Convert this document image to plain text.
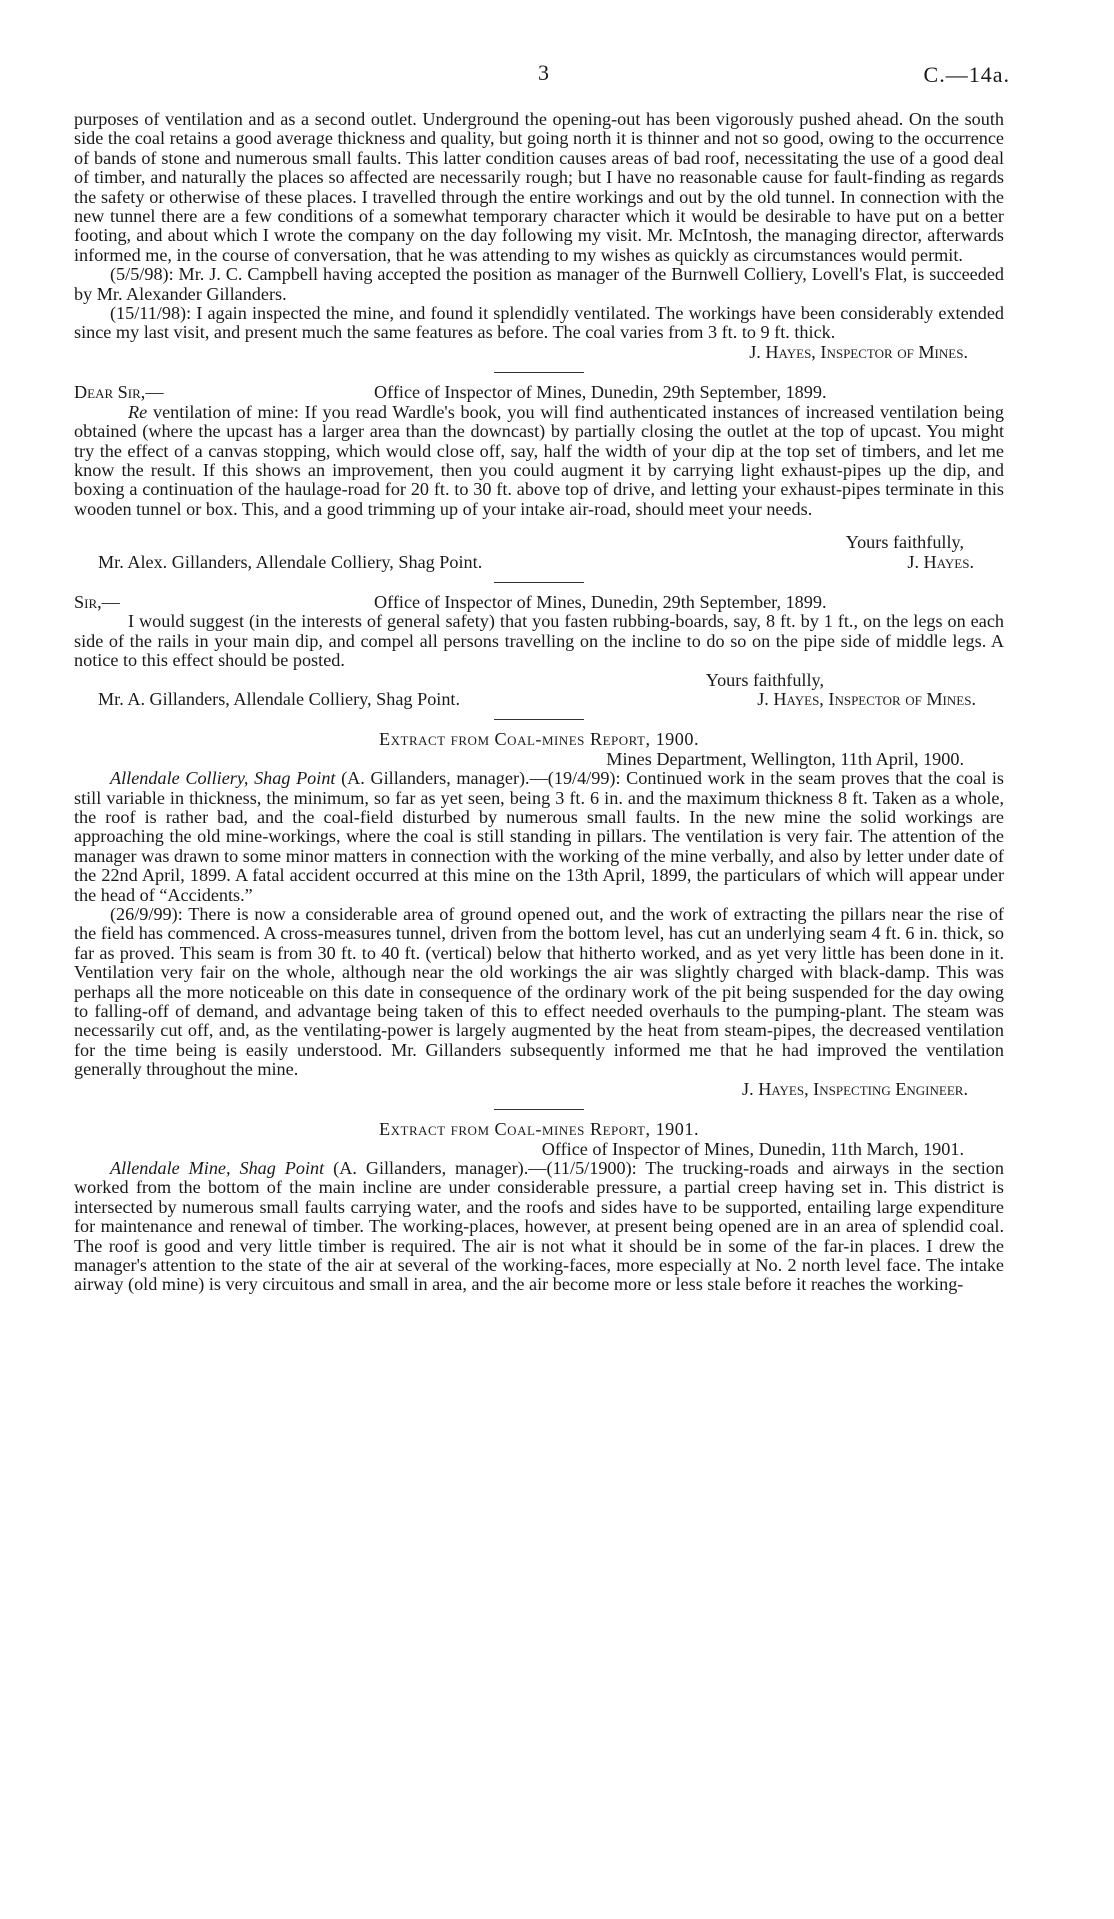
3	C.—14a.

purposes of ventilation and as a second outlet. Underground the opening-out has been vigorously pushed ahead. On the south side the coal retains a good average thickness and quality, but going north it is thinner and not so good, owing to the occurrence of bands of stone and numerous small faults. This latter condition causes areas of bad roof, necessitating the use of a good deal of timber, and naturally the places so affected are necessarily rough; but I have no reasonable cause for fault-finding as regards the safety or otherwise of these places. I travelled through the entire workings and out by the old tunnel. In connection with the new tunnel there are a few conditions of a somewhat temporary character which it would be desirable to have put on a better footing, and about which I wrote the company on the day following my visit. Mr. McIntosh, the managing director, afterwards informed me, in the course of conversation, that he was attending to my wishes as quickly as circumstances would permit.

(5/5/98): Mr. J. C. Campbell having accepted the position as manager of the Burnwell Colliery, Lovell's Flat, is succeeded by Mr. Alexander Gillanders.

(15/11/98): I again inspected the mine, and found it splendidly ventilated. The workings have been considerably extended since my last visit, and present much the same features as before. The coal varies from 3 ft. to 9 ft. thick.

J. Hayes, Inspector of Mines.

Dear Sir,—	Office of Inspector of Mines, Dunedin, 29th September, 1899.

Re ventilation of mine: If you read Wardle's book, you will find authenticated instances of increased ventilation being obtained (where the upcast has a larger area than the downcast) by partially closing the outlet at the top of upcast. You might try the effect of a canvas stopping, which would close off, say, half the width of your dip at the top set of timbers, and let me know the result. If this shows an improvement, then you could augment it by carrying light exhaust-pipes up the dip, and boxing a continuation of the haulage-road for 20 ft. to 30 ft. above top of drive, and letting your exhaust-pipes terminate in this wooden tunnel or box. This, and a good trimming up of your intake air-road, should meet your needs.

Yours faithfully,

Mr. Alex. Gillanders, Allendale Colliery, Shag Point.	J. Hayes.
Sir,—	Office of Inspector of Mines, Dunedin, 29th September, 1899.

I would suggest (in the interests of general safety) that you fasten rubbing-boards, say, 8 ft. by 1 ft., on the legs on each side of the rails in your main dip, and compel all persons travelling on the incline to do so on the pipe side of middle legs. A notice to this effect should be posted.

Yours faithfully,

Mr. A. Gillanders, Allendale Colliery, Shag Point.	J. Hayes, Inspector of Mines.

Extract from Coal-mines Report, 1900.

Mines Department, Wellington, 11th April, 1900.

Allendale Colliery, Shag Point (A. Gillanders, manager).—(19/4/99): Continued work in the seam proves that the coal is still variable in thickness, the minimum, so far as yet seen, being 3 ft. 6 in. and the maximum thickness 8 ft. Taken as a whole, the roof is rather bad, and the coal-field disturbed by numerous small faults. In the new mine the solid workings are approaching the old mine-workings, where the coal is still standing in pillars. The ventilation is very fair. The attention of the manager was drawn to some minor matters in connection with the working of the mine verbally, and also by letter under date of the 22nd April, 1899. A fatal accident occurred at this mine on the 13th April, 1899, the particulars of which will appear under the head of “Accidents.”

(26/9/99): There is now a considerable area of ground opened out, and the work of extracting the pillars near the rise of the field has commenced. A cross-measures tunnel, driven from the bottom level, has cut an underlying seam 4 ft. 6 in. thick, so far as proved. This seam is from 30 ft. to 40 ft. (vertical) below that hitherto worked, and as yet very little has been done in it. Ventilation very fair on the whole, although near the old workings the air was slightly charged with black-damp. This was perhaps all the more noticeable on this date in consequence of the ordinary work of the pit being suspended for the day owing to falling-off of demand, and advantage being taken of this to effect needed overhauls to the pumping-plant. The steam was necessarily cut off, and, as the ventilating-power is largely augmented by the heat from steam-pipes, the decreased ventilation for the time being is easily understood. Mr. Gillanders subsequently informed me that he had improved the ventilation generally throughout the mine.

J. Hayes, Inspecting Engineer.

Extract from Coal-mines Report, 1901.

Office of Inspector of Mines, Dunedin, 11th March, 1901.

Allendale Mine, Shag Point (A. Gillanders, manager).—(11/5/1900): The trucking-roads and airways in the section worked from the bottom of the main incline are under considerable pressure, a partial creep having set in. This district is intersected by numerous small faults carrying water, and the roofs and sides have to be supported, entailing large expenditure for maintenance and renewal of timber. The working-places, however, at present being opened are in an area of splendid coal. The roof is good and very little timber is required. The air is not what it should be in some of the far-in places. I drew the manager's attention to the state of the air at several of the working-faces, more especially at No. 2 north level face. The intake airway (old mine) is very circuitous and small in area, and the air become more or less stale before it reaches the working-
